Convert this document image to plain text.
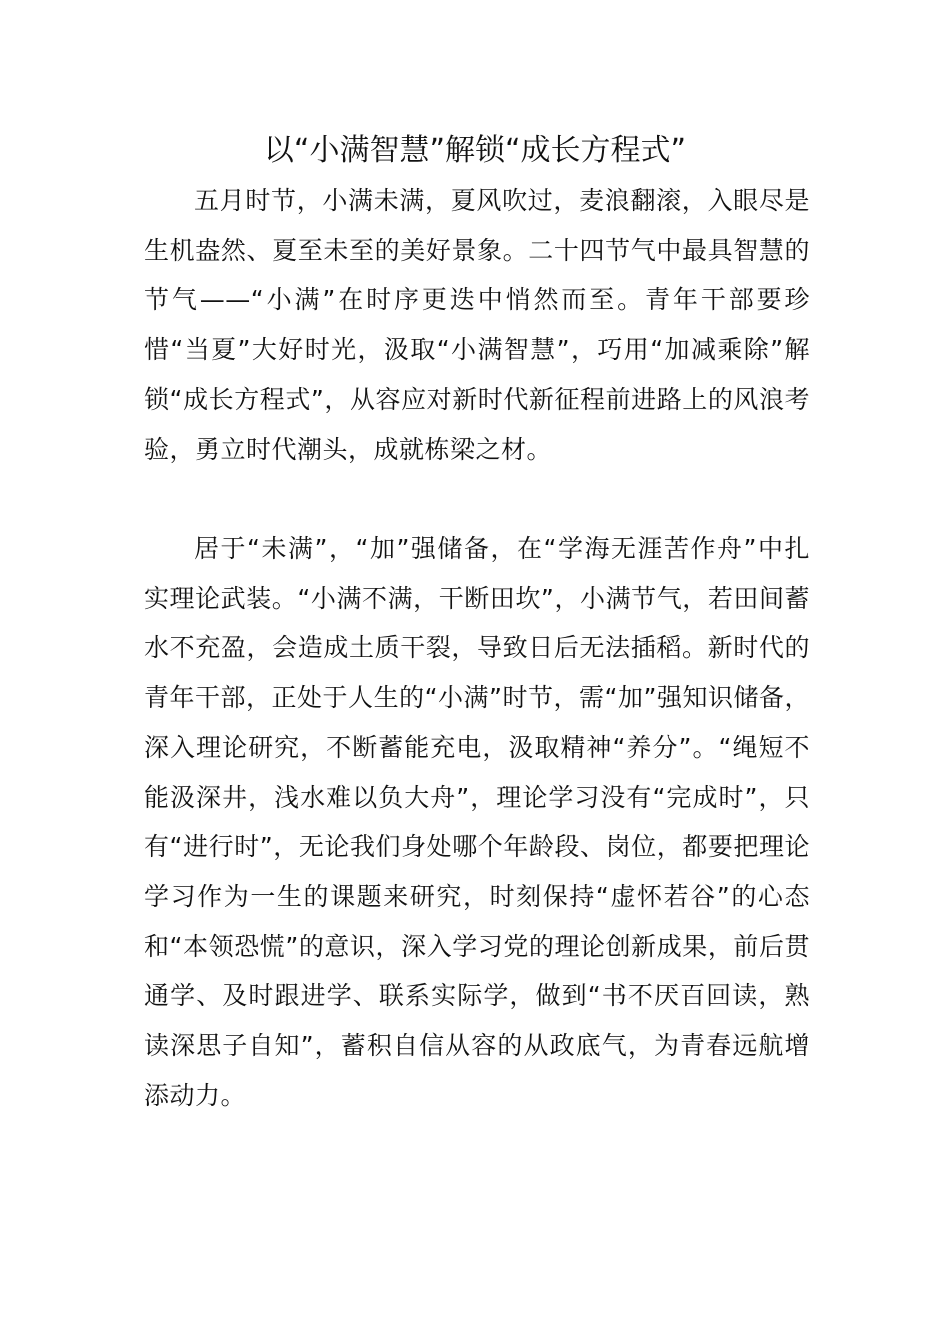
以“小满智慧”解锁“成长方程式”

五月时节，小满未满，夏风吹过，麦浪翻滚，入眼尽是生机盎然、夏至未至的美好景象。二十四节气中最具智慧的节气——“小满”在时序更迭中悄然而至。青年干部要珍惜“当夏”大好时光，汲取“小满智慧”，巧用“加减乘除”解锁“成长方程式”，从容应对新时代新征程前进路上的风浪考验，勇立时代潮头，成就栋梁之材。

居于“未满”，“加”强储备，在“学海无涯苦作舟”中扎实理论武装。“小满不满，干断田坎”，小满节气，若田间蓄水不充盈，会造成土质干裂，导致日后无法插稻。新时代的青年干部，正处于人生的“小满”时节，需“加”强知识储备，深入理论研究，不断蓄能充电，汲取精神“养分”。“绳短不能汲深井，浅水难以负大舟”，理论学习没有“完成时”，只有“进行时”，无论我们身处哪个年龄段、岗位，都要把理论学习作为一生的课题来研究，时刻保持“虚怀若谷”的心态和“本领恐慌”的意识，深入学习党的理论创新成果，前后贯通学、及时跟进学、联系实际学，做到“书不厌百回读，熟读深思子自知”，蓄积自信从容的从政底气，为青春远航增添动力。
